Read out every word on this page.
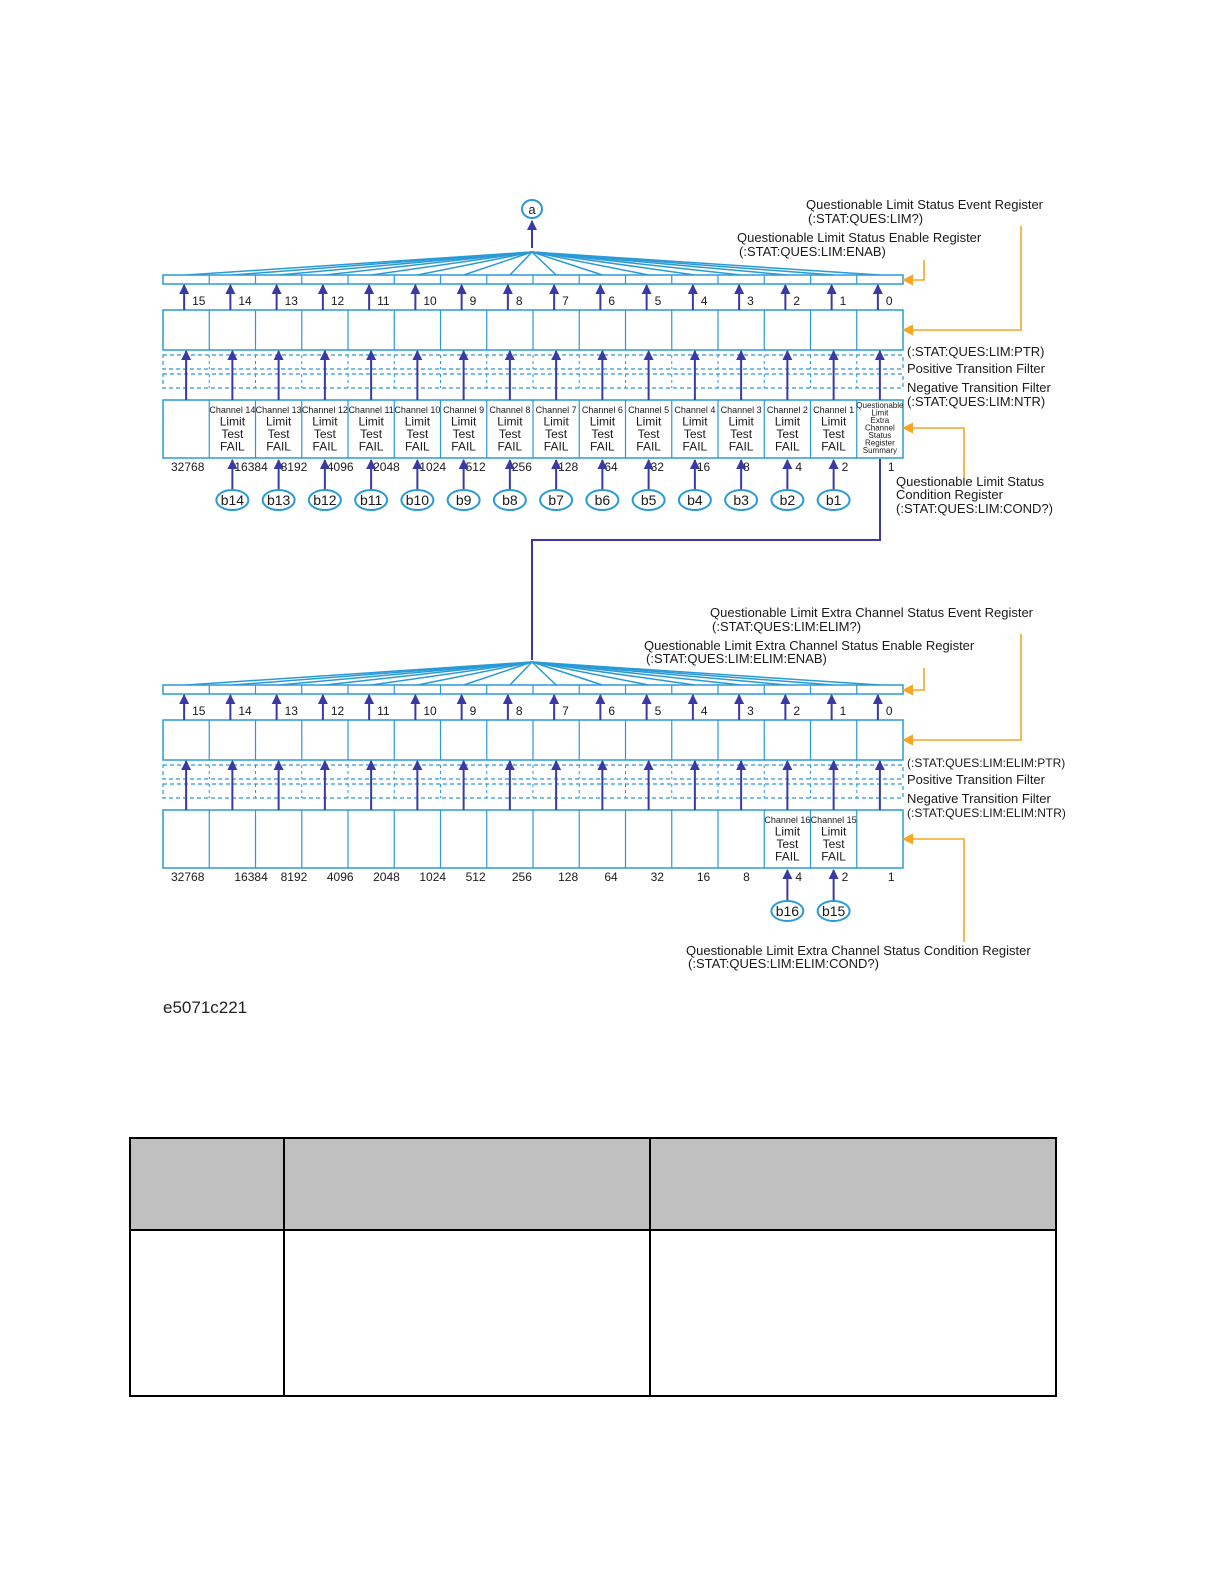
a
15
32768
14
Channel 14
Limit
Test
FAIL
16384
b14
13
Channel 13
Limit
Test
FAIL
8192
b13
12
Channel 12
Limit
Test
FAIL
4096
b12
11
Channel 11
Limit
Test
FAIL
2048
b11
10
Channel 10
Limit
Test
FAIL
1024
b10
9
Channel 9
Limit
Test
FAIL
512
b9
8
Channel 8
Limit
Test
FAIL
256
b8
7
Channel 7
Limit
Test
FAIL
128
b7
6
Channel 6
Limit
Test
FAIL
64
b6
5
Channel 5
Limit
Test
FAIL
32
b5
4
Channel 4
Limit
Test
FAIL
16
b4
3
Channel 3
Limit
Test
FAIL
8
b3
2
Channel 2
Limit
Test
FAIL
4
b2
1
Channel 1
Limit
Test
FAIL
2
b1
0
Questionable
Limit
Extra
Channel
Status
Register
Summary
1
15
32768
14
16384
13
8192
12
4096
11
2048
10
1024
9
512
8
256
7
128
6
64
5
32
4
16
3
8
2
Channel 16
Limit
Test
FAIL
4
b16
1
Channel 15
Limit
Test
FAIL
2
b15
0
1
Questionable Limit Status Event Register
(:STAT:QUES:LIM?)
Questionable Limit Status Enable Register
(:STAT:QUES:LIM:ENAB)
(:STAT:QUES:LIM:PTR)
Positive Transition Filter
Negative Transition Filter
(:STAT:QUES:LIM:NTR)
Questionable Limit Status
Condition Register
(:STAT:QUES:LIM:COND?)
Questionable Limit Extra Channel Status Event Register
(:STAT:QUES:LIM:ELIM?)
Questionable Limit Extra Channel Status Enable Register
(:STAT:QUES:LIM:ELIM:ENAB)
(:STAT:QUES:LIM:ELIM:PTR)
Positive Transition Filter
Negative Transition Filter
(:STAT:QUES:LIM:ELIM:NTR)
Questionable Limit Extra Channel Status Condition Register
(:STAT:QUES:LIM:ELIM:COND?)
e5071c221
